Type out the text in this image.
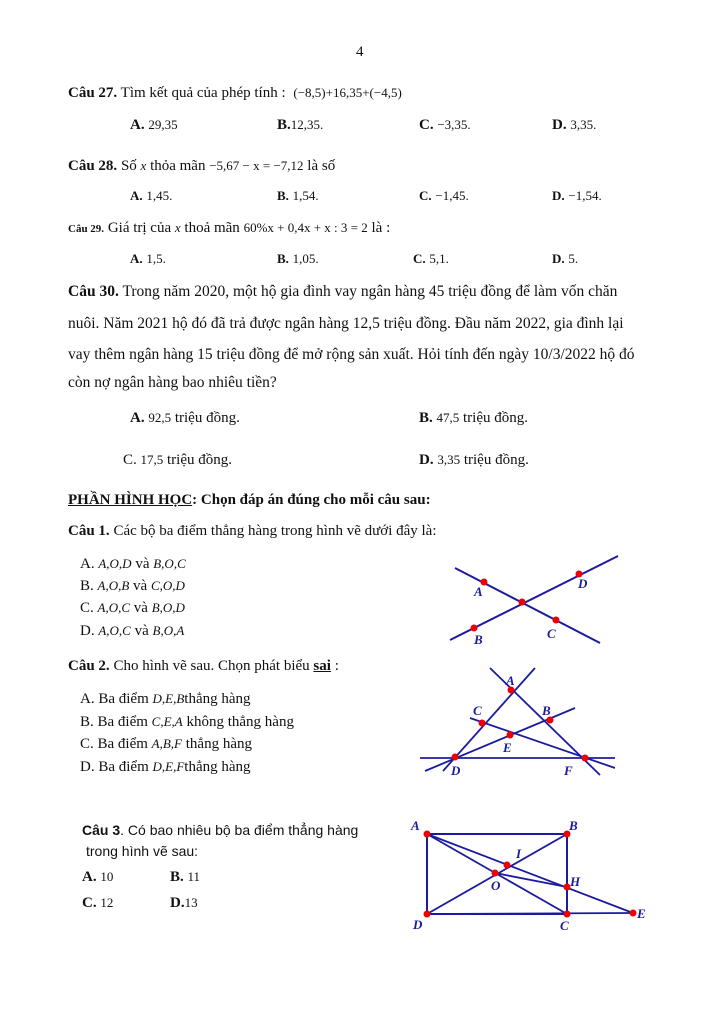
4
Câu 27. Tìm kết quả của phép tính : (−8,5)+16,35+(−4,5)
A. 29,35	B.12,35.	C. −3,35.	D. 3,35.
Câu 28. Số x thỏa mãn −5,67 − x = −7,12 là số
A. 1,45.	B. 1,54.	C. −1,45.	D. −1,54.
Câu 29. Giá trị của x thoả mãn 60%x + 0,4x + x : 3 = 2 là :
A. 1,5.	B. 1,05.	C. 5,1.	D. 5.
Câu 30. Trong năm 2020, một hộ gia đình vay ngân hàng 45 triệu đồng để làm vốn chăn
nuôi. Năm 2021 hộ đó đã trả được ngân hàng 12,5 triệu đồng. Đầu năm 2022, gia đình lại
vay thêm ngân hàng 15 triệu đồng để mở rộng sản xuất. Hỏi tính đến ngày 10/3/2022 hộ đó
còn nợ ngân hàng bao nhiêu tiền?
A. 92,5 triệu đồng.	B. 47,5 triệu đồng.
C. 17,5 triệu đồng.	D. 3,35 triệu đồng.
PHẦN HÌNH HỌC: Chọn đáp án đúng cho mỗi câu sau:
Câu 1. Các bộ ba điểm thẳng hàng trong hình vẽ dưới đây là:
A. A,O,D và B,O,C
B. A,O,B và C,O,D
C. A,O,C và B,O,D
D. A,O,C và B,O,A
A
D
B	C
Câu 2. Cho hình vẽ sau. Chọn phát biểu sai :
A. Ba điểm D,E,Bthẳng hàng
B. Ba điểm C,E,A không thẳng hàng
C. Ba điểm A,B,F thẳng hàng
D. Ba điểm D,E,Fthẳng hàng
A
C	B
E
D	F
Câu 3. Có bao nhiêu bộ ba điểm thẳng hàng
trong hình vẽ sau:
A. 10	B. 11
C. 12	D.13
A	B
I
O	H
D	C
E
